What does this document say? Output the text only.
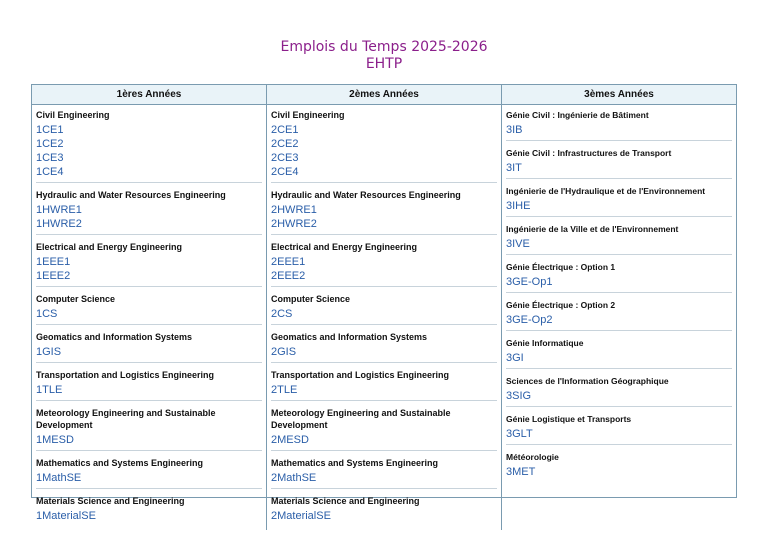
Emplois du Temps 2025-2026
EHTP
1ères Années	2èmes Années	3èmes Années
Civil Engineering
1CE1
1CE2
1CE3
1CE4
Hydraulic and Water Resources Engineering
1HWRE1
1HWRE2
Electrical and Energy Engineering
1EEE1
1EEE2
Computer Science
1CS
Geomatics and Information Systems
1GIS
Transportation and Logistics Engineering
1TLE
Meteorology Engineering and Sustainable Development
1MESD
Mathematics and Systems Engineering
1MathSE
Materials Science and Engineering
1MaterialSE
Civil Engineering
2CE1
2CE2
2CE3
2CE4
Hydraulic and Water Resources Engineering
2HWRE1
2HWRE2
Electrical and Energy Engineering
2EEE1
2EEE2
Computer Science
2CS
Geomatics and Information Systems
2GIS
Transportation and Logistics Engineering
2TLE
Meteorology Engineering and Sustainable Development
2MESD
Mathematics and Systems Engineering
2MathSE
Materials Science and Engineering
2MaterialSE
Génie Civil : Ingénierie de Bâtiment
3IB
Génie Civil : Infrastructures de Transport
3IT
Ingénierie de l'Hydraulique et de l'Environnement
3IHE
Ingénierie de la Ville et de l'Environnement
3IVE
Génie Électrique : Option 1
3GE-Op1
Génie Électrique : Option 2
3GE-Op2
Génie Informatique
3GI
Sciences de l'Information Géographique
3SIG
Génie Logistique et Transports
3GLT
Météorologie
3MET
